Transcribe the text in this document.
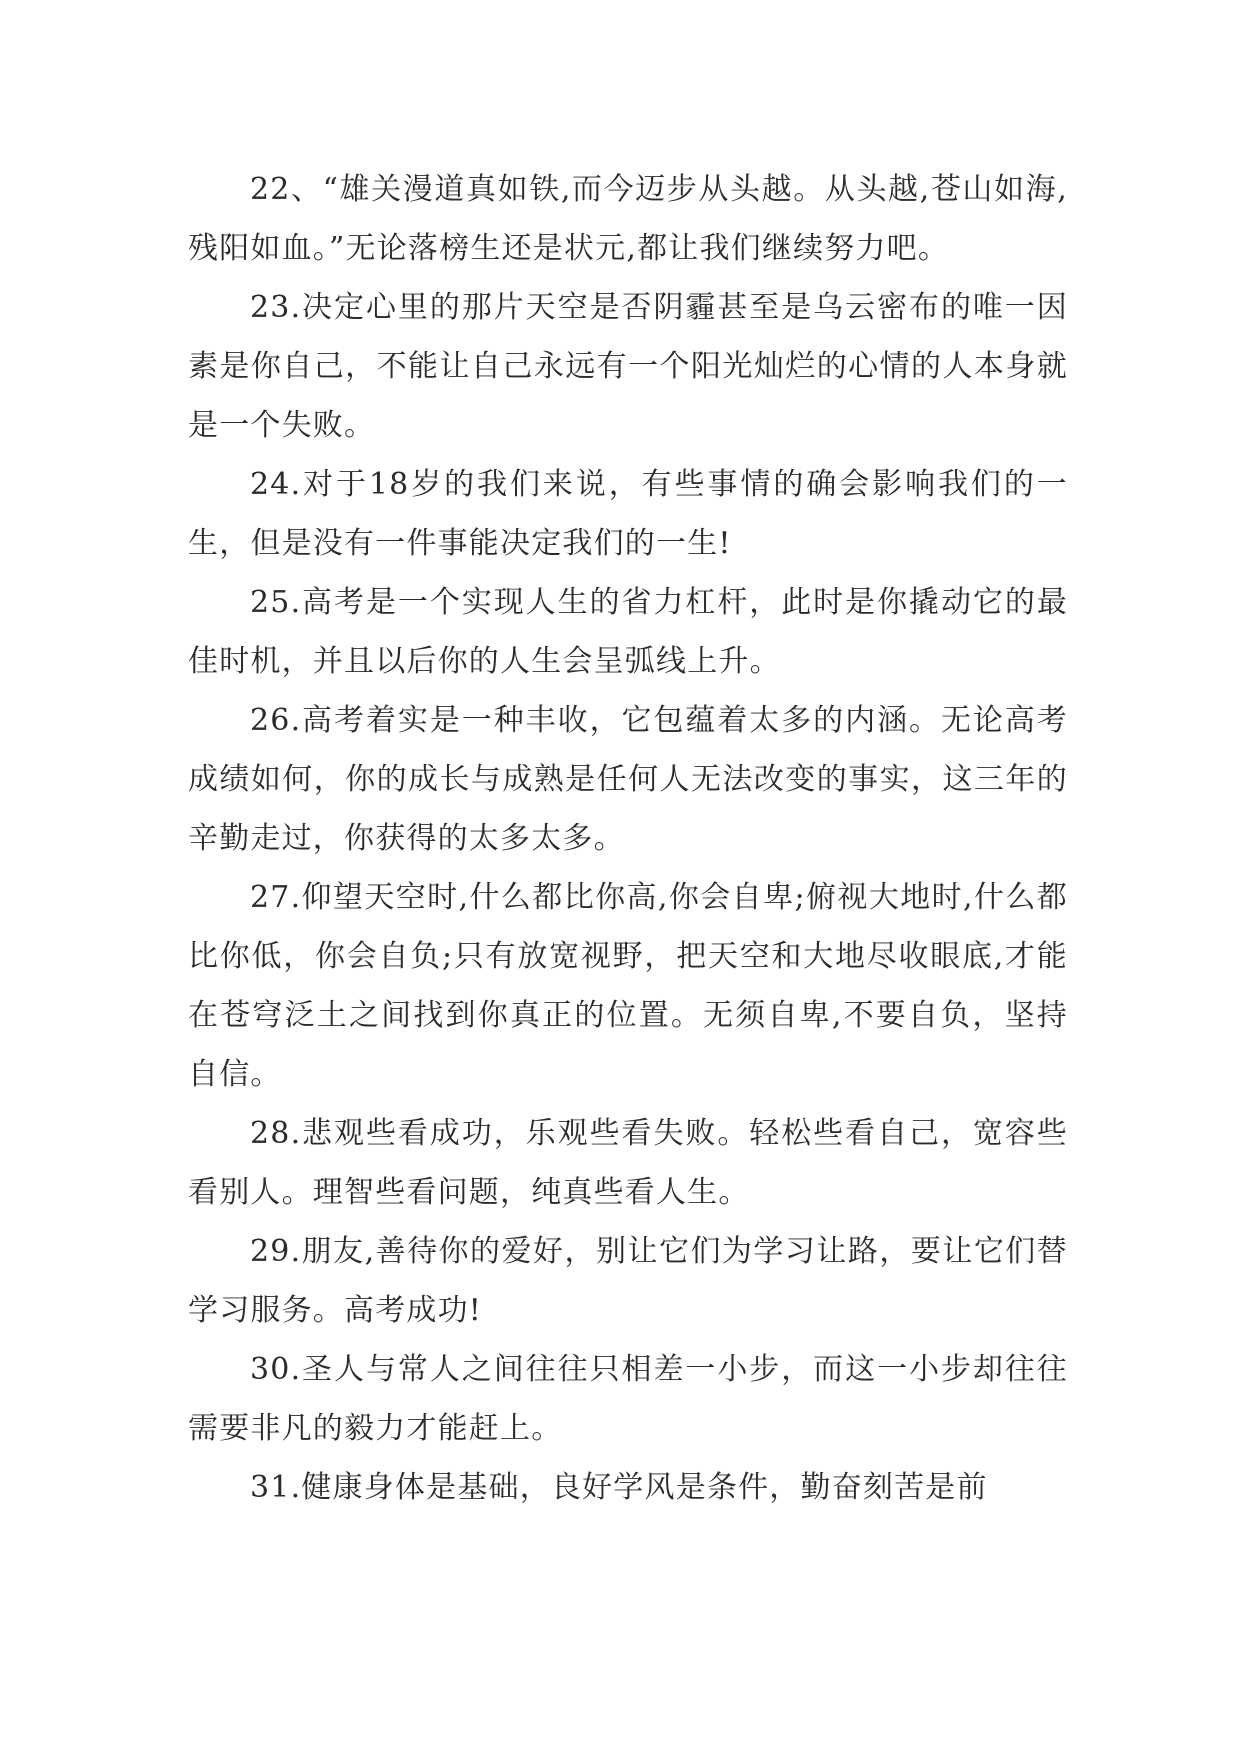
22、“雄关漫道真如铁,而今迈步从头越。从头越,苍山如海,残阳如血。”无论落榜生还是状元,都让我们继续努力吧。

23.决定心里的那片天空是否阴霾甚至是乌云密布的唯一因素是你自己，不能让自己永远有一个阳光灿烂的心情的人本身就是一个失败。

24.对于18岁的我们来说，有些事情的确会影响我们的一生，但是没有一件事能决定我们的一生!

25.高考是一个实现人生的省力杠杆，此时是你撬动它的最佳时机，并且以后你的人生会呈弧线上升。

26.高考着实是一种丰收，它包蕴着太多的内涵。无论高考成绩如何，你的成长与成熟是任何人无法改变的事实，这三年的辛勤走过，你获得的太多太多。

27.仰望天空时,什么都比你高,你会自卑;俯视大地时,什么都比你低，你会自负;只有放宽视野，把天空和大地尽收眼底,才能在苍穹泛土之间找到你真正的位置。无须自卑,不要自负，坚持自信。

28.悲观些看成功，乐观些看失败。轻松些看自己，宽容些看别人。理智些看问题，纯真些看人生。

29.朋友,善待你的爱好，别让它们为学习让路，要让它们替学习服务。高考成功!

30.圣人与常人之间往往只相差一小步，而这一小步却往往需要非凡的毅力才能赶上。

31.健康身体是基础，良好学风是条件，勤奋刻苦是前
